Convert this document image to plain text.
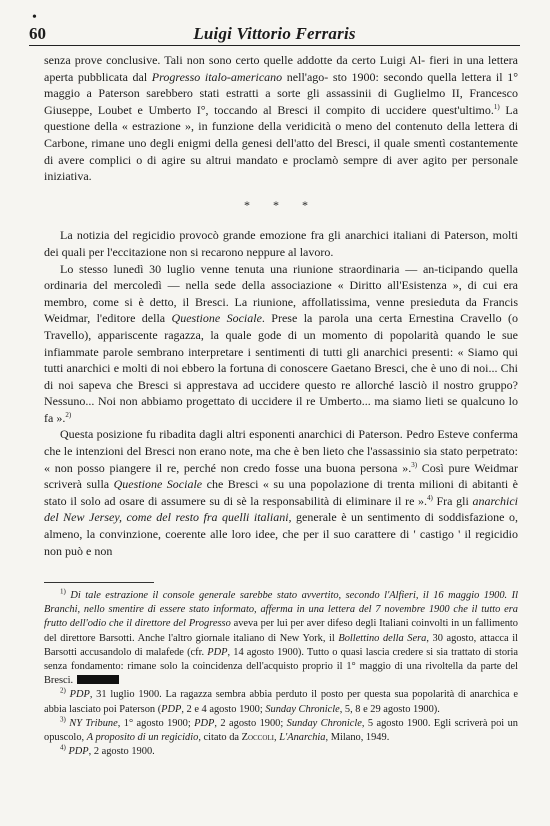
•
60	Luigi Vittorio Ferraris

senza prove conclusive. Tali non sono certo quelle addotte da certo Luigi Al- fieri in una lettera aperta pubblicata dal Progresso italo-americano nell'ago- sto 1900: secondo quella lettera il 1° maggio a Paterson sarebbero stati estratti a sorte gli assassinii di Guglielmo II, Francesco Giuseppe, Loubet e Umberto I°, toccando al Bresci il compito di uccidere quest'ultimo.$^{1)}$ La questione della « estrazione », in funzione della veridicità o meno del contenuto della lettera di Carbone, rimane uno degli enigmi della genesi dell'atto del Bresci, il quale smentì costantemente di avere complici o di agire su altrui mandato e proclamò sempre di aver agito per personale iniziativa.

* * *

La notizia del regicidio provocò grande emozione fra gli anarchici italiani di Paterson, molti dei quali per l'eccitazione non si recarono neppure al lavoro.

Lo stesso lunedì 30 luglio venne tenuta una riunione straordinaria — an-ticipando quella ordinaria del mercoledì — nella sede della associazione « Diritto all'Esistenza », di cui era membro, come si è detto, il Bresci. La riunione, affollatissima, venne presieduta da Francis Weidmar, l'editore della Questione Sociale. Prese la parola una certa Ernestina Cravello (o Travello), appariscente ragazza, la quale gode di un momento di popolarità quando le sue infiammate parole sembrano interpretare i sentimenti di tutti gli anarchici presenti: « Siamo qui tutti anarchici e molti di noi ebbero la fortuna di conoscere Gaetano Bresci, che è uno di noi... Chi di noi sapeva che Bresci si apprestava ad uccidere questo re allorché lasciò il nostro gruppo? Nessuno... Noi non abbiamo progettato di uccidere il re Umberto... ma siamo lieti se qualcuno lo fa ».$^{2)}$

Questa posizione fu ribadita dagli altri esponenti anarchici di Paterson. Pedro Esteve conferma che le intenzioni del Bresci non erano note, ma che è ben lieto che l'assassinio sia stato perpetrato: « non posso piangere il re, perché non credo fosse una buona persona ».$^{3)}$ Così pure Weidmar scriverà sulla Questione Sociale che Bresci « su una popolazione di trenta milioni di abitanti è stato il solo ad osare di assumere su di sè la responsabilità di eliminare il re ».$^{4)}$ Fra gli anarchici del New Jersey, come del resto fra quelli italiani, generale è un sentimento di soddisfazione o, almeno, la convinzione, coerente alle loro idee, che per il suo carattere di ' castigo ' il regicidio non può e non

$^{1)}$ Di tale estrazione il console generale sarebbe stato avvertito, secondo l'Alfieri, il 16 maggio 1900. Il Branchi, nello smentire di essere stato informato, afferma in una lettera del 7 novembre 1900 che il tutto era frutto dell'odio che il direttore del Progresso aveva per lui per aver difeso degli Italiani coinvolti in un fallimento del direttore Barsotti. Anche l'altro giornale italiano di New York, il Bollettino della Sera, 30 agosto, attacca il Barsotti accusandolo di malafede (cfr. PDP, 14 agosto 1900). Tutto o quasi lascia credere si sia trattato di storia senza fondamento: rimane solo la coincidenza dell'acquisto proprio il 1° maggio di una rivoltella da parte del Bresci.

$^{2)}$ PDP, 31 luglio 1900. La ragazza sembra abbia perduto il posto per questa sua popolarità di anarchica e abbia lasciato poi Paterson (PDP, 2 e 4 agosto 1900; Sunday Chronicle, 5, 8 e 29 agosto 1900).

$^{3)}$ NY Tribune, 1° agosto 1900; PDP, 2 agosto 1900; Sunday Chronicle, 5 agosto 1900. Egli scriverà poi un opuscolo, A proposito di un regicidio, citato da Zoccoli, L'Anarchia, Milano, 1949.

$^{4)}$ PDP, 2 agosto 1900.
